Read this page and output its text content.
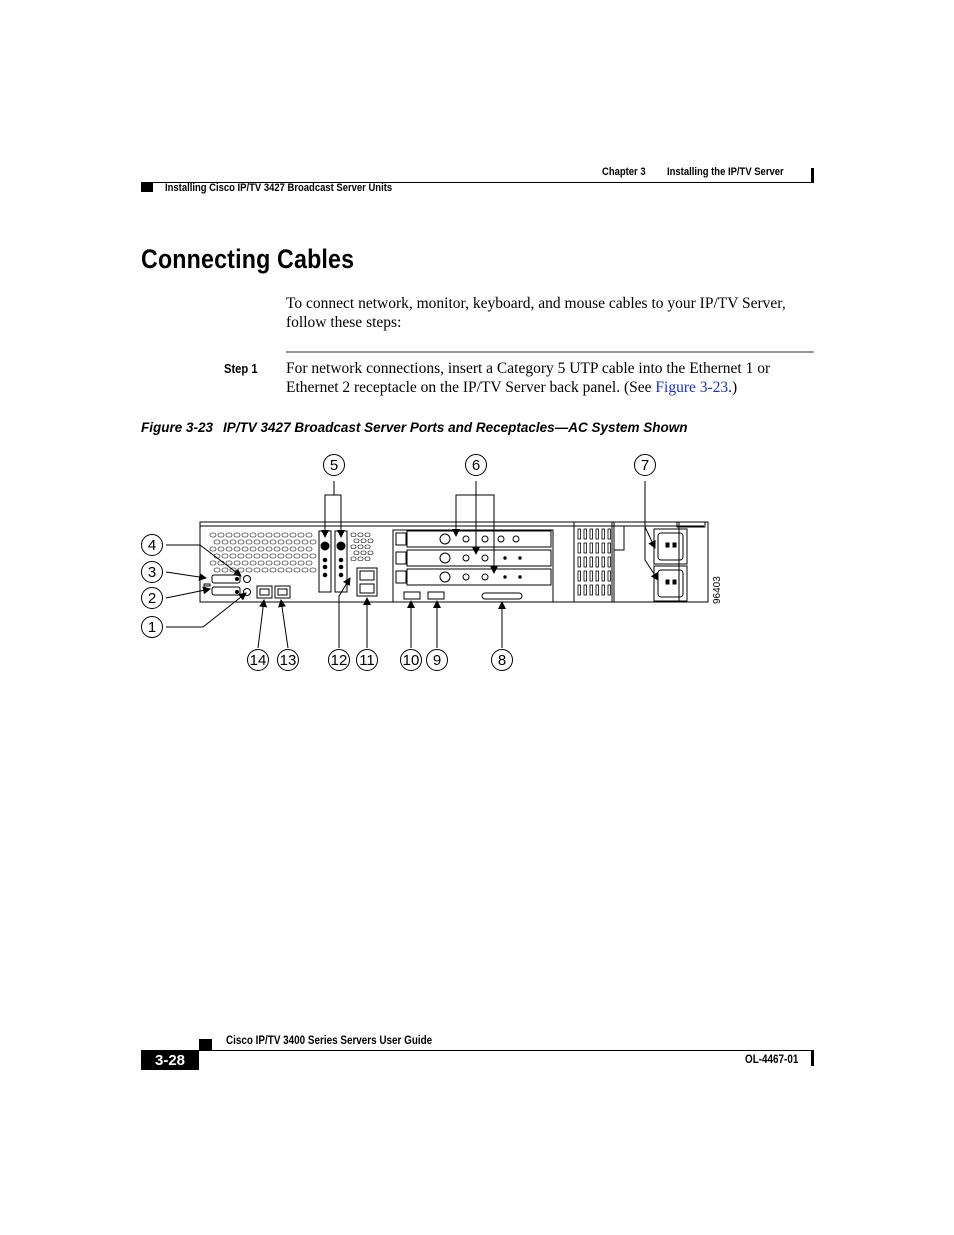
Chapter 3 Installing the IP/TV Server
Installing Cisco IP/TV 3427 Broadcast Server Units
Connecting Cables
To connect network, monitor, keyboard, and mouse cables to your IP/TV Server, follow these steps:
Step 1 For network connections, insert a Category 5 UTP cable into the Ethernet 1 or Ethernet 2 receptacle on the IP/TV Server back panel. (See Figure 3-23.)
Figure 3-23 IP/TV 3427 Broadcast Server Ports and Receptacles—AC System Shown
96403
1
2
3
4
5	6	7
8
9
10
11
12
13
14
Cisco IP/TV 3400 Series Servers User Guide
3-28	OL-4467-01
